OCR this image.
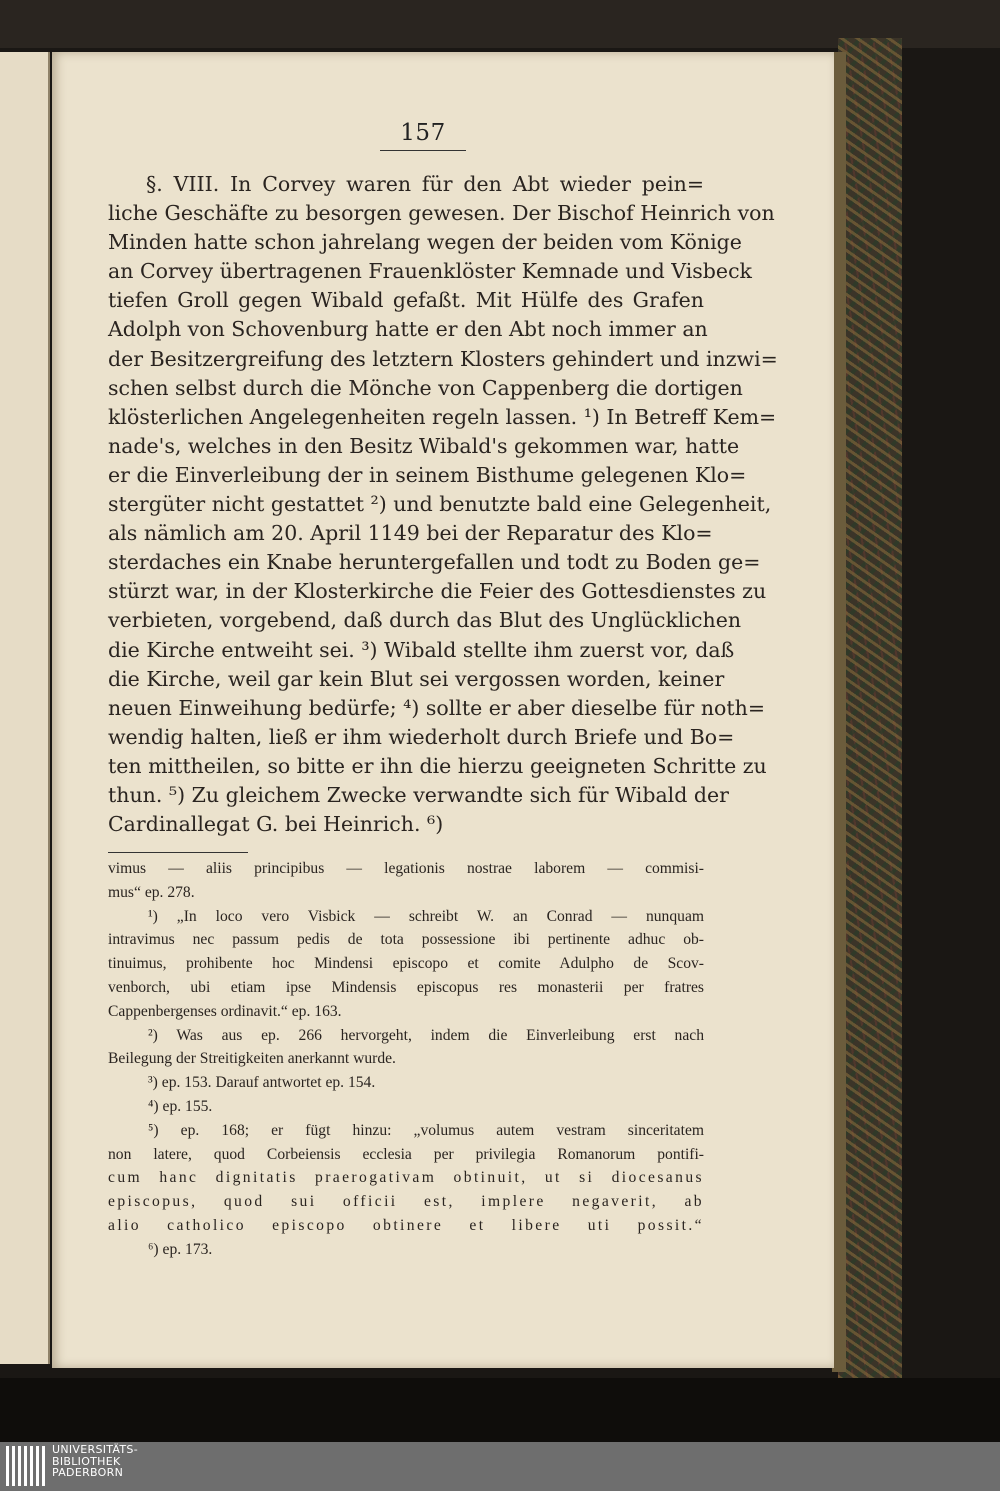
157
§. VIII. In Corvey waren für den Abt wieder pein=
liche Geschäfte zu besorgen gewesen. Der Bischof Heinrich von
Minden hatte schon jahrelang wegen der beiden vom Könige
an Corvey übertragenen Frauenklöster Kemnade und Visbeck
tiefen Groll gegen Wibald gefaßt. Mit Hülfe des Grafen
Adolph von Schovenburg hatte er den Abt noch immer an
der Besitzergreifung des letztern Klosters gehindert und inzwi=
schen selbst durch die Mönche von Cappenberg die dortigen
klösterlichen Angelegenheiten regeln lassen. ¹) In Betreff Kem=
nade's, welches in den Besitz Wibald's gekommen war, hatte
er die Einverleibung der in seinem Bisthume gelegenen Klo=
stergüter nicht gestattet ²) und benutzte bald eine Gelegenheit,
als nämlich am 20. April 1149 bei der Reparatur des Klo=
sterdaches ein Knabe heruntergefallen und todt zu Boden ge=
stürzt war, in der Klosterkirche die Feier des Gottesdienstes zu
verbieten, vorgebend, daß durch das Blut des Unglücklichen
die Kirche entweiht sei. ³) Wibald stellte ihm zuerst vor, daß
die Kirche, weil gar kein Blut sei vergossen worden, keiner
neuen Einweihung bedürfe; ⁴) sollte er aber dieselbe für noth=
wendig halten, ließ er ihm wiederholt durch Briefe und Bo=
ten mittheilen, so bitte er ihn die hierzu geeigneten Schritte zu
thun. ⁵) Zu gleichem Zwecke verwandte sich für Wibald der
Cardinallegat G. bei Heinrich. ⁶)
vimus — aliis principibus — legationis nostrae laborem — commisi-
mus“ ep. 278.
¹) „In loco vero Visbick — schreibt W. an Conrad — nunquam
intravimus nec passum pedis de tota possessione ibi pertinente adhuc ob-
tinuimus, prohibente hoc Mindensi episcopo et comite Adulpho de Scov-
venborch, ubi etiam ipse Mindensis episcopus res monasterii per fratres
Cappenbergenses ordinavit.“ ep. 163.
²) Was aus ep. 266 hervorgeht, indem die Einverleibung erst nach
Beilegung der Streitigkeiten anerkannt wurde.
³) ep. 153. Darauf antwortet ep. 154.
⁴) ep. 155.
⁵) ep. 168; er fügt hinzu: „volumus autem vestram sinceritatem
non latere, quod Corbeiensis ecclesia per privilegia Romanorum pontifi-
cum hanc dignitatis praerogativam obtinuit, ut si diocesanus
episcopus, quod sui officii est, implere negaverit, ab
alio catholico episcopo obtinere et libere uti possit.“
⁶) ep. 173.
UNIVERSITÄTS-
BIBLIOTHEK
PADERBORN
